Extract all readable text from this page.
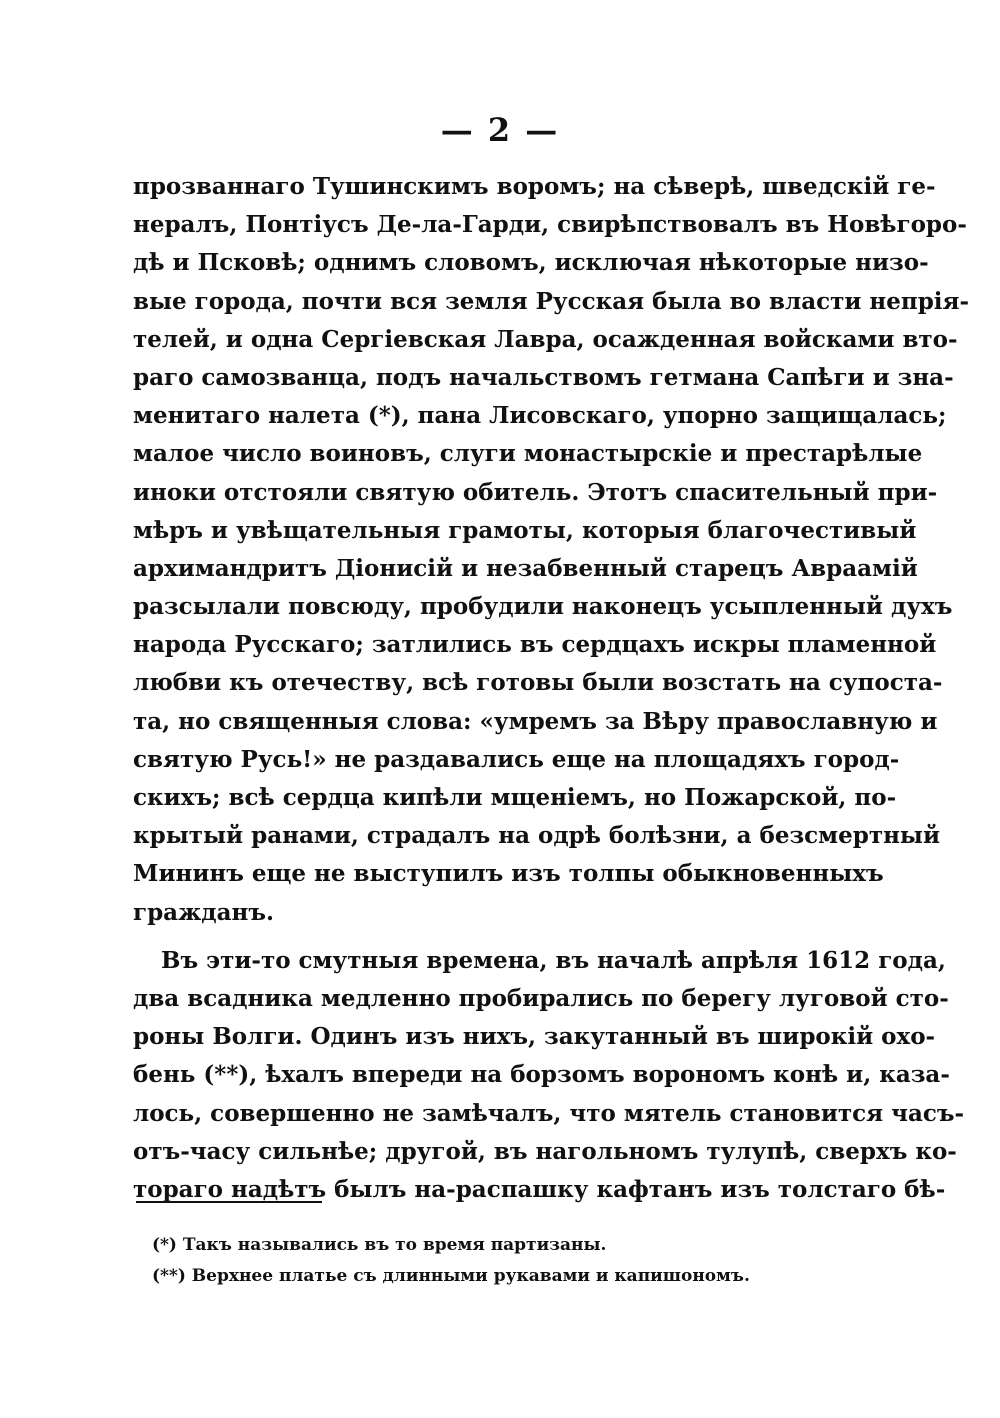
— 2 —
прозваннаго Тушинскимъ воромъ; на сѣверѣ, шведскій ге-
нералъ, Понтіусъ Де-ла-Гарди, свирѣпствовалъ въ Новѣгоро-
дѣ и Псковѣ; однимъ словомъ, исключая нѣкоторые низо-
вые города, почти вся земля Русская была во власти непрія-
телей, и одна Сергіевская Лавра, осажденная войсками вто-
раго самозванца, подъ начальствомъ гетмана Сапѣги и зна-
менитаго налета (*), пана Лисовскаго, упорно защищалась;
малое число воиновъ, слуги монастырскіе и престарѣлые
иноки отстояли святую обитель. Этотъ спасительный при-
мѣръ и увѣщательныя грамоты, которыя благочестивый
архимандритъ Діонисій и незабвенный старецъ Авраамій
разсылали повсюду, пробудили наконецъ усыпленный духъ
народа Русскаго; затлились въ сердцахъ искры пламенной
любви къ отечеству, всѣ готовы были возстать на супоста-
та, но священныя слова: «умремъ за Вѣру православную и
святую Русь!» не раздавались еще на площадяхъ город-
скихъ; всѣ сердца кипѣли мщеніемъ, но Пожарской, по-
крытый ранами, страдалъ на одрѣ болѣзни, а безсмертный
Мининъ еще не выступилъ изъ толпы обыкновенныхъ
гражданъ.
Въ эти-то смутныя времена, въ началѣ апрѣля 1612 года,
два всадника медленно пробирались по берегу луговой сто-
роны Волги. Одинъ изъ нихъ, закутанный въ широкій охо-
бень (**), ѣхалъ впереди на борзомъ ворономъ конѣ и, каза-
лось, совершенно не замѣчалъ, что мятель становится часъ-
отъ-часу сильнѣе; другой, въ нагольномъ тулупѣ, сверхъ ко-
тораго надѣтъ былъ на-распашку кафтанъ изъ толстаго бѣ-
(*) Такъ назывались въ то время партизаны.
(**) Верхнее платье съ длинными рукавами и капишономъ.
